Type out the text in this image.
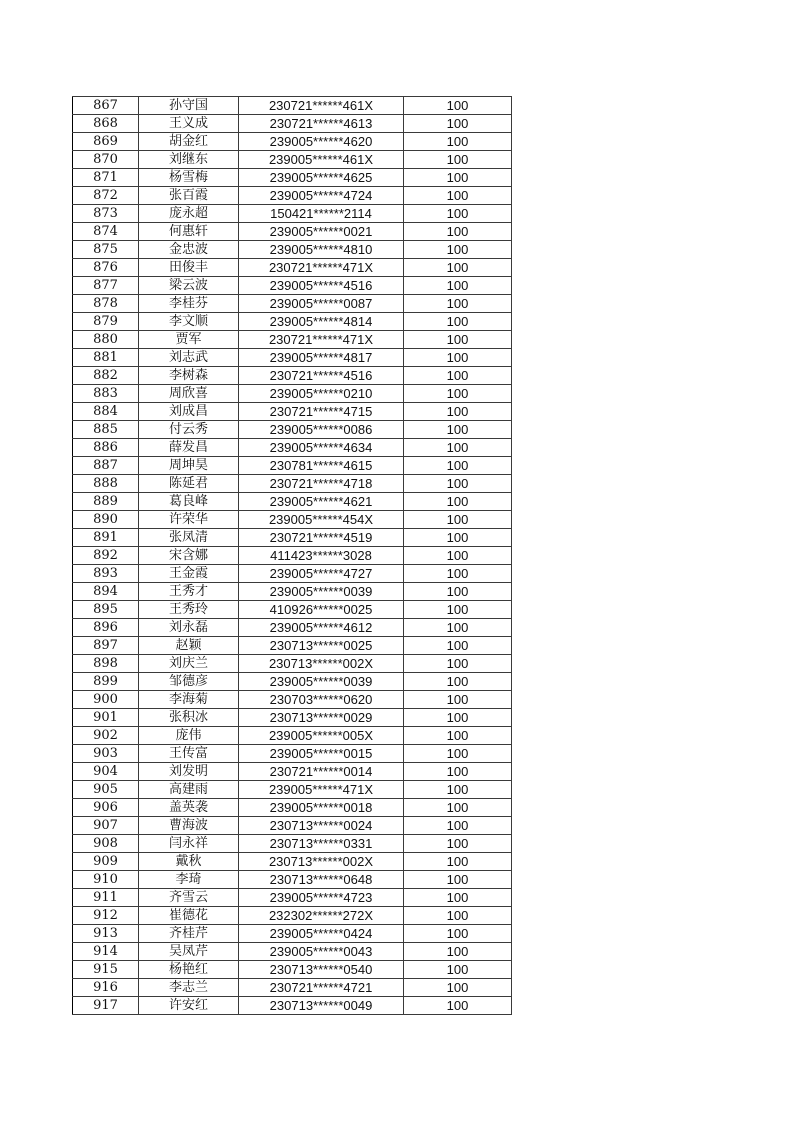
867	孙守国	230721******461X	100
868	王义成	230721******4613	100
869	胡金红	239005******4620	100
870	刘继东	239005******461X	100
871	杨雪梅	239005******4625	100
872	张百霞	239005******4724	100
873	庞永超	150421******2114	100
874	何惠轩	239005******0021	100
875	金忠波	239005******4810	100
876	田俊丰	230721******471X	100
877	梁云波	239005******4516	100
878	李桂芬	239005******0087	100
879	李文顺	239005******4814	100
880	贾军	230721******471X	100
881	刘志武	239005******4817	100
882	李树森	230721******4516	100
883	周欣喜	239005******0210	100
884	刘成昌	230721******4715	100
885	付云秀	239005******0086	100
886	薛发昌	239005******4634	100
887	周坤昊	230781******4615	100
888	陈延君	230721******4718	100
889	葛良峰	239005******4621	100
890	许荣华	239005******454X	100
891	张凤清	230721******4519	100
892	宋含娜	411423******3028	100
893	王金霞	239005******4727	100
894	王秀才	239005******0039	100
895	王秀玲	410926******0025	100
896	刘永磊	239005******4612	100
897	赵颖	230713******0025	100
898	刘庆兰	230713******002X	100
899	邹德彦	239005******0039	100
900	李海菊	230703******0620	100
901	张积冰	230713******0029	100
902	庞伟	239005******005X	100
903	王传富	239005******0015	100
904	刘发明	230721******0014	100
905	高建雨	239005******471X	100
906	盖英袭	239005******0018	100
907	曹海波	230713******0024	100
908	闫永祥	230713******0331	100
909	戴秋	230713******002X	100
910	李琦	230713******0648	100
911	齐雪云	239005******4723	100
912	崔德花	232302******272X	100
913	齐桂芹	239005******0424	100
914	吴凤芹	239005******0043	100
915	杨艳红	230713******0540	100
916	李志兰	230721******4721	100
917	许安红	230713******0049	100
